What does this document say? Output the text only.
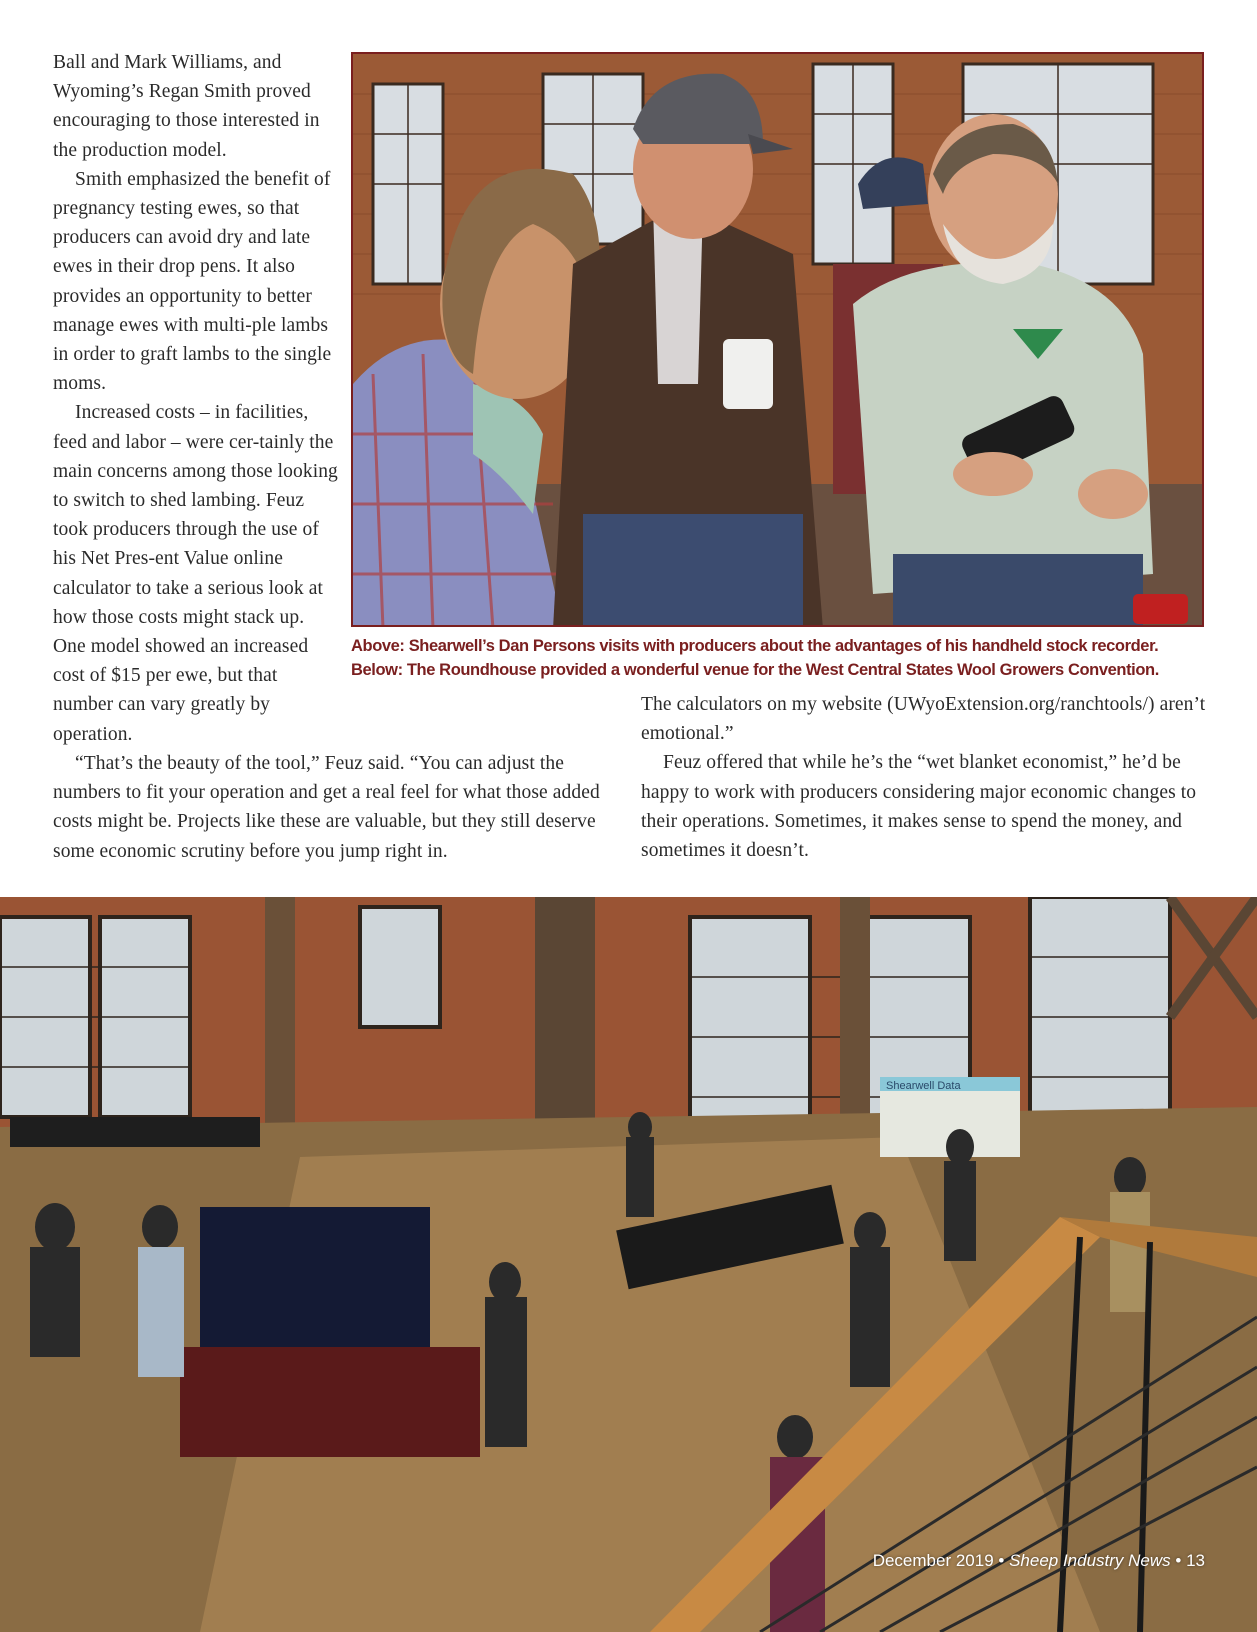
Ball and Mark Williams, and Wyoming’s Regan Smith proved encouraging to those interested in the production model.

Smith emphasized the benefit of pregnancy testing ewes, so that producers can avoid dry and late ewes in their drop pens. It also provides an opportunity to better manage ewes with multi-ple lambs in order to graft lambs to the single moms.

Increased costs – in facilities, feed and labor – were cer-tainly the main concerns among those looking to switch to shed lambing. Feuz took producers through the use of his Net Pres-ent Value online calculator to take a serious look at how those costs might stack up. One model showed an increased cost of $15 per ewe, but that number can vary greatly by operation.

Above: Shearwell’s Dan Persons visits with producers about the advantages of his handheld stock recorder. Below: The Roundhouse provided a wonderful venue for the West Central States Wool Growers Convention.

“That’s the beauty of the tool,” Feuz said. “You can adjust the numbers to fit your operation and get a real feel for what those added costs might be. Projects like these are valuable, but they still deserve some economic scrutiny before you jump right in.

The calculators on my website (UWyoExtension.org/ranchtools/) aren’t emotional.”

Feuz offered that while he’s the “wet blanket economist,” he’d be happy to work with producers considering major economic changes to their operations. Sometimes, it makes sense to spend the money, and sometimes it doesn’t.

Shearwell Data
December 2019 • Sheep Industry News • 13
